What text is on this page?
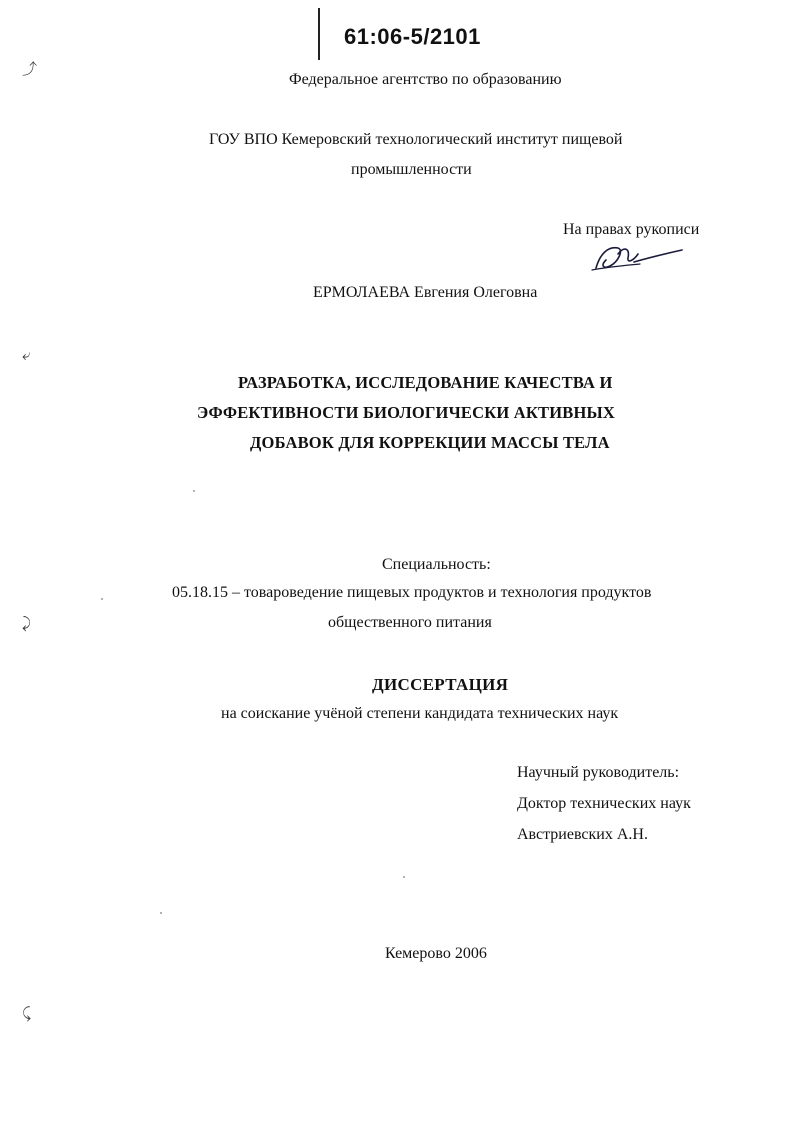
61:06-5/2101
⤴
⤶
⤸
⤹
Федеральное агентство по образованию
ГОУ ВПО Кемеровский технологический институт пищевой
промышленности
На правах рукописи
ЕРМОЛАЕВА Евгения Олеговна
РАЗРАБОТКА, ИССЛЕДОВАНИЕ КАЧЕСТВА И
ЭФФЕКТИВНОСТИ БИОЛОГИЧЕСКИ АКТИВНЫХ
ДОБАВОК ДЛЯ КОРРЕКЦИИ МАССЫ ТЕЛА
Специальность:
05.18.15 – товароведение пищевых продуктов и технология продуктов
общественного питания
ДИССЕРТАЦИЯ
на соискание учёной степени кандидата технических наук
Научный руководитель:
Доктор технических наук
Австриевских А.Н.
Кемерово 2006
